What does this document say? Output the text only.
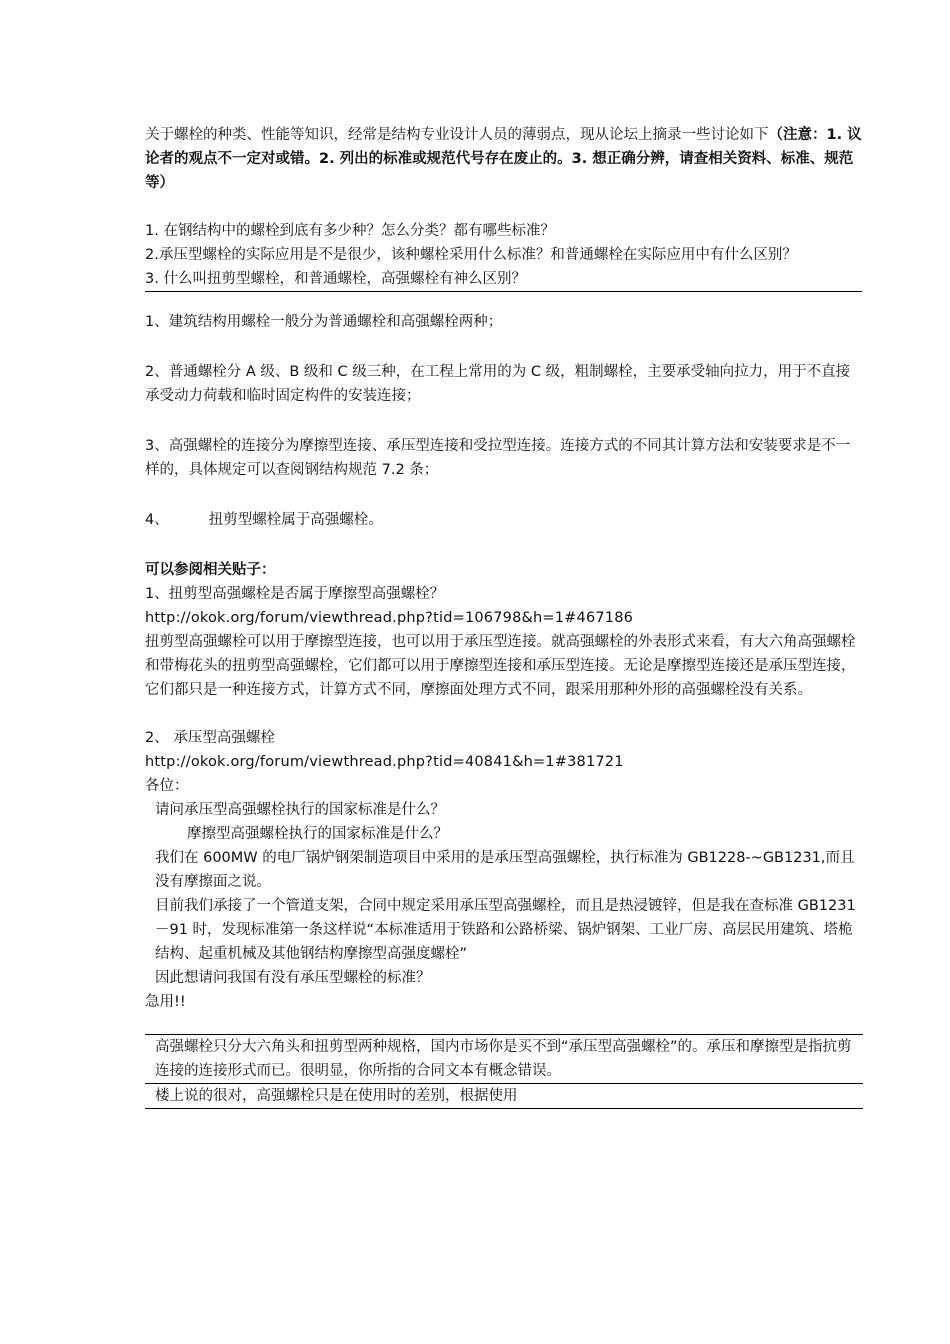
关于螺栓的种类、性能等知识，经常是结构专业设计人员的薄弱点，现从论坛上摘录一些讨论如下（注意：1. 议论者的观点不一定对或错。2. 列出的标准或规范代号存在废止的。3. 想正确分辨，请查相关资料、标准、规范等）

1. 在钢结构中的螺栓到底有多少种？怎么分类？都有哪些标准？

2.承压型螺栓的实际应用是不是很少，该种螺栓采用什么标准？和普通螺栓在实际应用中有什么区别？

3. 什么叫扭剪型螺栓，和普通螺栓，高强螺栓有神么区别？

1、建筑结构用螺栓一般分为普通螺栓和高强螺栓两种；

2、普通螺栓分 A 级、B 级和 C 级三种，在工程上常用的为 C 级，粗制螺栓，主要承受轴向拉力，用于不直接承受动力荷载和临时固定构件的安装连接；

3、高强螺栓的连接分为摩擦型连接、承压型连接和受拉型连接。连接方式的不同其计算方法和安装要求是不一样的，具体规定可以查阅钢结构规范 7.2 条；

4、	扭剪型螺栓属于高强螺栓。

可以参阅相关贴子：

1、扭剪型高强螺栓是否属于摩擦型高强螺栓？

http://okok.org/forum/viewthread.php?tid=106798&h=1#467186

扭剪型高强螺栓可以用于摩擦型连接，也可以用于承压型连接。就高强螺栓的外表形式来看，有大六角高强螺栓和带梅花头的扭剪型高强螺栓，它们都可以用于摩擦型连接和承压型连接。无论是摩擦型连接还是承压型连接，它们都只是一种连接方式，计算方式不同，摩擦面处理方式不同，跟采用那种外形的高强螺栓没有关系。

2、 承压型高强螺栓

http://okok.org/forum/viewthread.php?tid=40841&h=1#381721

各位：

请问承压型高强螺栓执行的国家标准是什么？

摩擦型高强螺栓执行的国家标准是什么？

我们在 600MW 的电厂锅炉钢架制造项目中采用的是承压型高强螺栓，执行标准为 GB1228-~GB1231,而且没有摩擦面之说。

目前我们承接了一个管道支架，合同中规定采用承压型高强螺栓，而且是热浸镀锌，但是我在查标准 GB1231－91 时，发现标准第一条这样说“本标准适用于铁路和公路桥梁、锅炉钢架、工业厂房、高层民用建筑、塔桅结构、起重机械及其他钢结构摩擦型高强度螺栓”

因此想请问我国有没有承压型螺栓的标准？

急用!!

高强螺栓只分大六角头和扭剪型两种规格，国内市场你是买不到“承压型高强螺栓”的。承压和摩擦型是指抗剪连接的连接形式而已。很明显，你所指的合同文本有概念错误。

楼上说的很对，高强螺栓只是在使用时的差别，根据使用
